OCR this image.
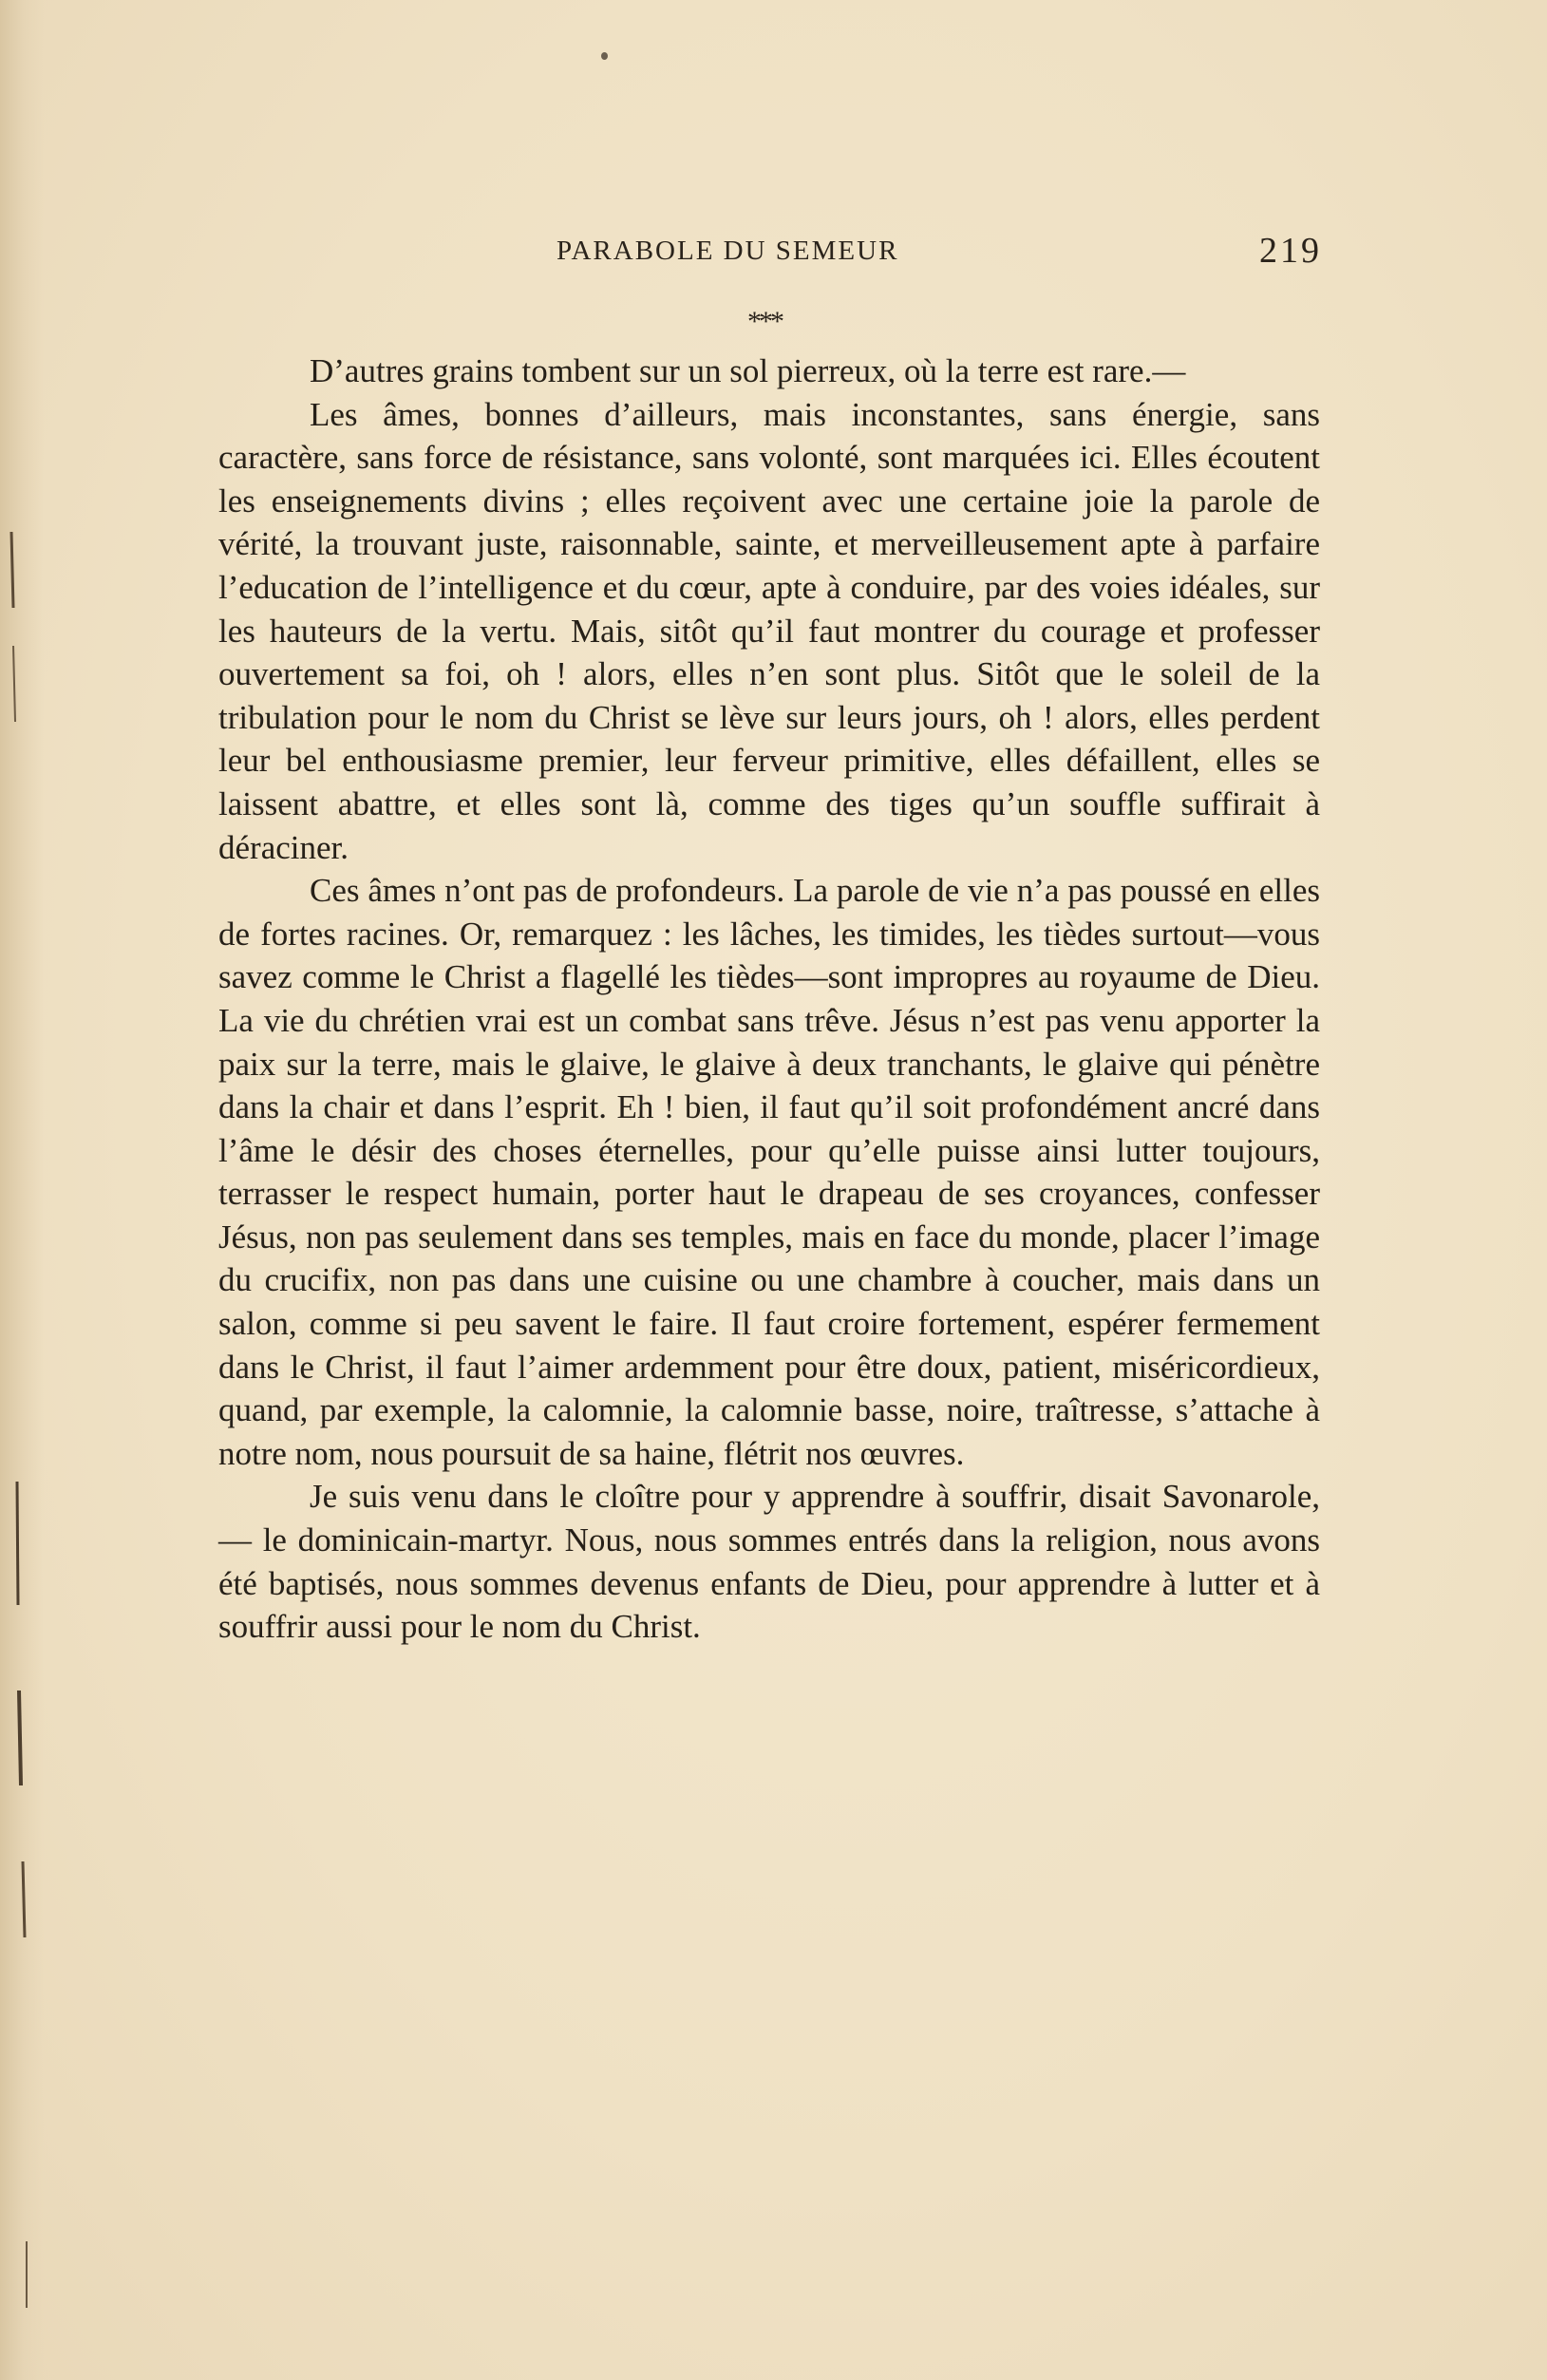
PARABOLE DU SEMEUR	219
***

D’autres grains tombent sur un sol pierreux, où la terre est rare.—

Les âmes, bonnes d’ailleurs, mais inconstantes, sans énergie, sans caractère, sans force de résistance, sans volonté, sont marquées ici. Elles écoutent les enseignements divins ; elles reçoivent avec une certaine joie la parole de vérité, la trouvant juste, raisonnable, sainte, et merveilleusement apte à parfaire l’education de l’intelligence et du cœur, apte à conduire, par des voies idéales, sur les hauteurs de la vertu. Mais, sitôt qu’il faut montrer du courage et professer ouvertement sa foi, oh ! alors, elles n’en sont plus. Sitôt que le soleil de la tribulation pour le nom du Christ se lève sur leurs jours, oh ! alors, elles perdent leur bel enthousiasme premier, leur ferveur primitive, elles défaillent, elles se laissent abattre, et elles sont là, comme des tiges qu’un souffle suffirait à déraciner.

Ces âmes n’ont pas de profondeurs. La parole de vie n’a pas poussé en elles de fortes racines. Or, remarquez : les lâches, les timides, les tièdes surtout—vous savez comme le Christ a flagellé les tièdes—sont impropres au royaume de Dieu. La vie du chrétien vrai est un combat sans trêve. Jésus n’est pas venu apporter la paix sur la terre, mais le glaive, le glaive à deux tranchants, le glaive qui pénètre dans la chair et dans l’esprit. Eh ! bien, il faut qu’il soit profondément ancré dans l’âme le désir des choses éternelles, pour qu’elle puisse ainsi lutter toujours, terrasser le respect humain, porter haut le drapeau de ses croyances, confesser Jésus, non pas seulement dans ses temples, mais en face du monde, placer l’image du crucifix, non pas dans une cuisine ou une chambre à coucher, mais dans un salon, comme si peu savent le faire. Il faut croire fortement, espérer fermement dans le Christ, il faut l’aimer ardemment pour être doux, patient, miséricordieux, quand, par exemple, la calomnie, la calomnie basse, noire, traîtresse, s’attache à notre nom, nous poursuit de sa haine, flétrit nos œuvres.

Je suis venu dans le cloître pour y apprendre à souffrir, disait Savonarole, — le dominicain-martyr. Nous, nous sommes entrés dans la religion, nous avons été baptisés, nous sommes devenus enfants de Dieu, pour apprendre à lutter et à souffrir aussi pour le nom du Christ.
